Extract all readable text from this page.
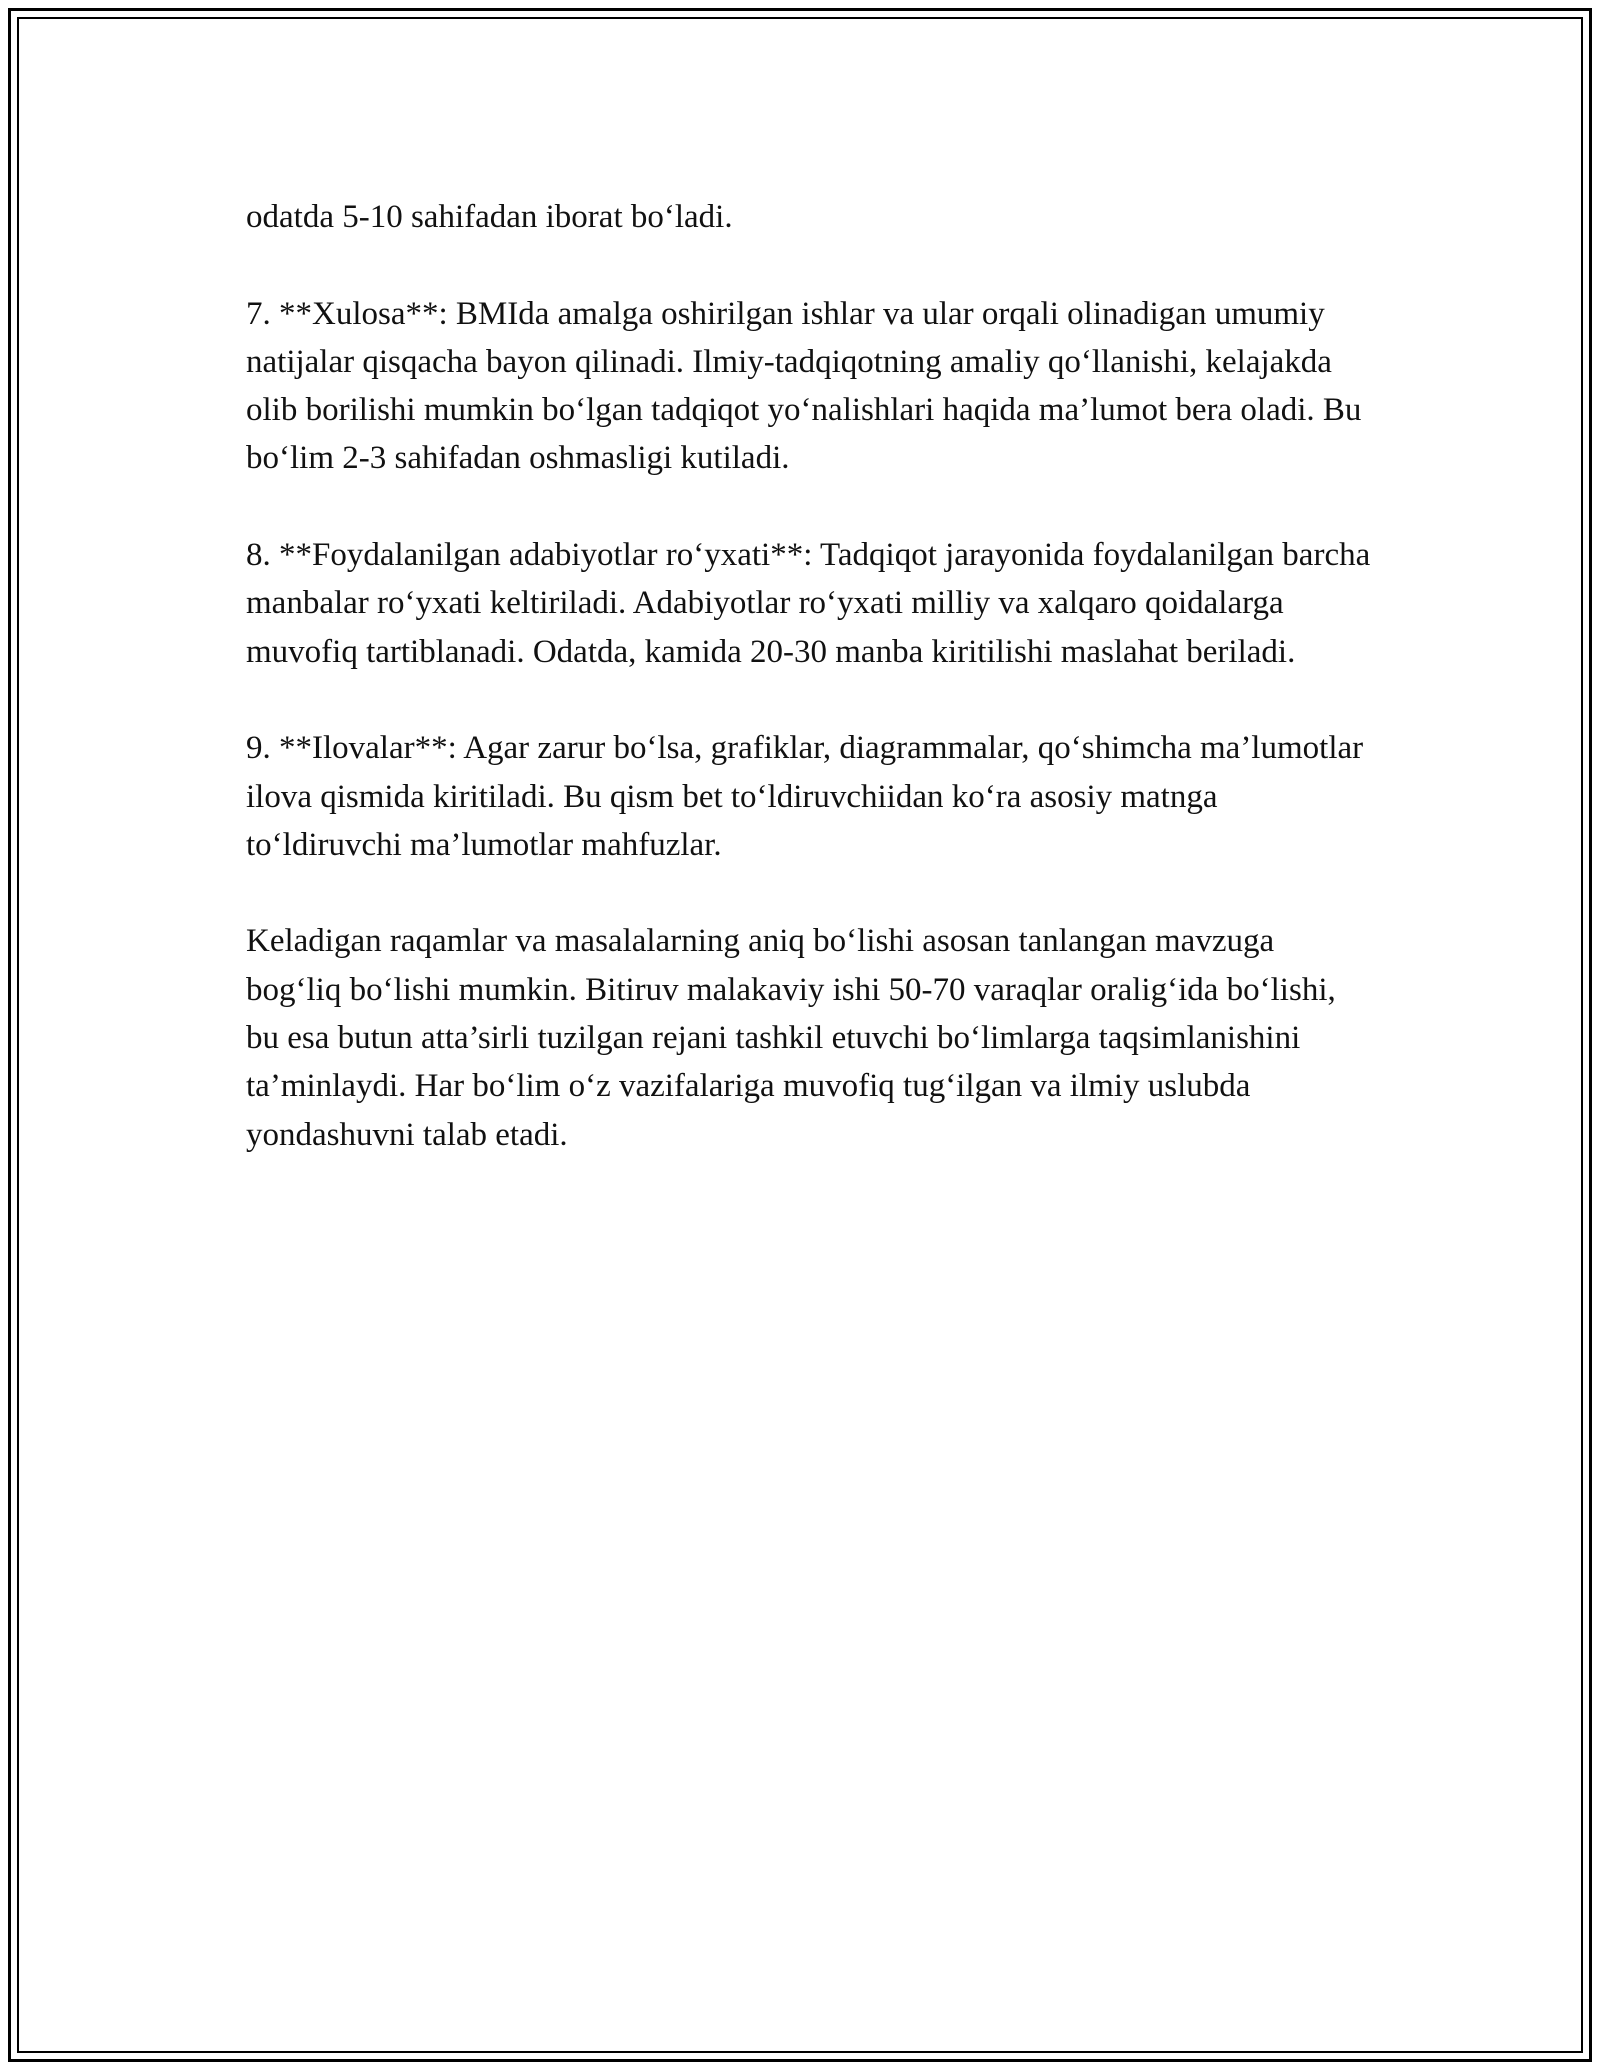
odatda 5-10 sahifadan iborat bo‘ladi.

7. **Xulosa**: BMIda amalga oshirilgan ishlar va ular orqali olinadigan umumiy natijalar qisqacha bayon qilinadi. Ilmiy-tadqiqotning amaliy qo‘llanishi, kelajakda olib borilishi mumkin bo‘lgan tadqiqot yo‘nalishlari haqida ma’lumot bera oladi. Bu bo‘lim 2-3 sahifadan oshmasligi kutiladi.

8. **Foydalanilgan adabiyotlar ro‘yxati**: Tadqiqot jarayonida foydalanilgan barcha manbalar ro‘yxati keltiriladi. Adabiyotlar ro‘yxati milliy va xalqaro qoidalarga muvofiq tartiblanadi. Odatda, kamida 20-30 manba kiritilishi maslahat beriladi.

9. **Ilovalar**: Agar zarur bo‘lsa, grafiklar, diagrammalar, qo‘shimcha ma’lumotlar ilova qismida kiritiladi. Bu qism bet to‘ldiruvchiidan ko‘ra asosiy matnga to‘ldiruvchi ma’lumotlar mahfuzlar.

Keladigan raqamlar va masalalarning aniq bo‘lishi asosan tanlangan mavzuga bog‘liq bo‘lishi mumkin. Bitiruv malakaviy ishi 50-70 varaqlar oralig‘ida bo‘lishi, bu esa butun atta’sirli tuzilgan rejani tashkil etuvchi bo‘limlarga taqsimlanishini ta’minlaydi. Har bo‘lim o‘z vazifalariga muvofiq tug‘ilgan va ilmiy uslubda yondashuvni talab etadi.
